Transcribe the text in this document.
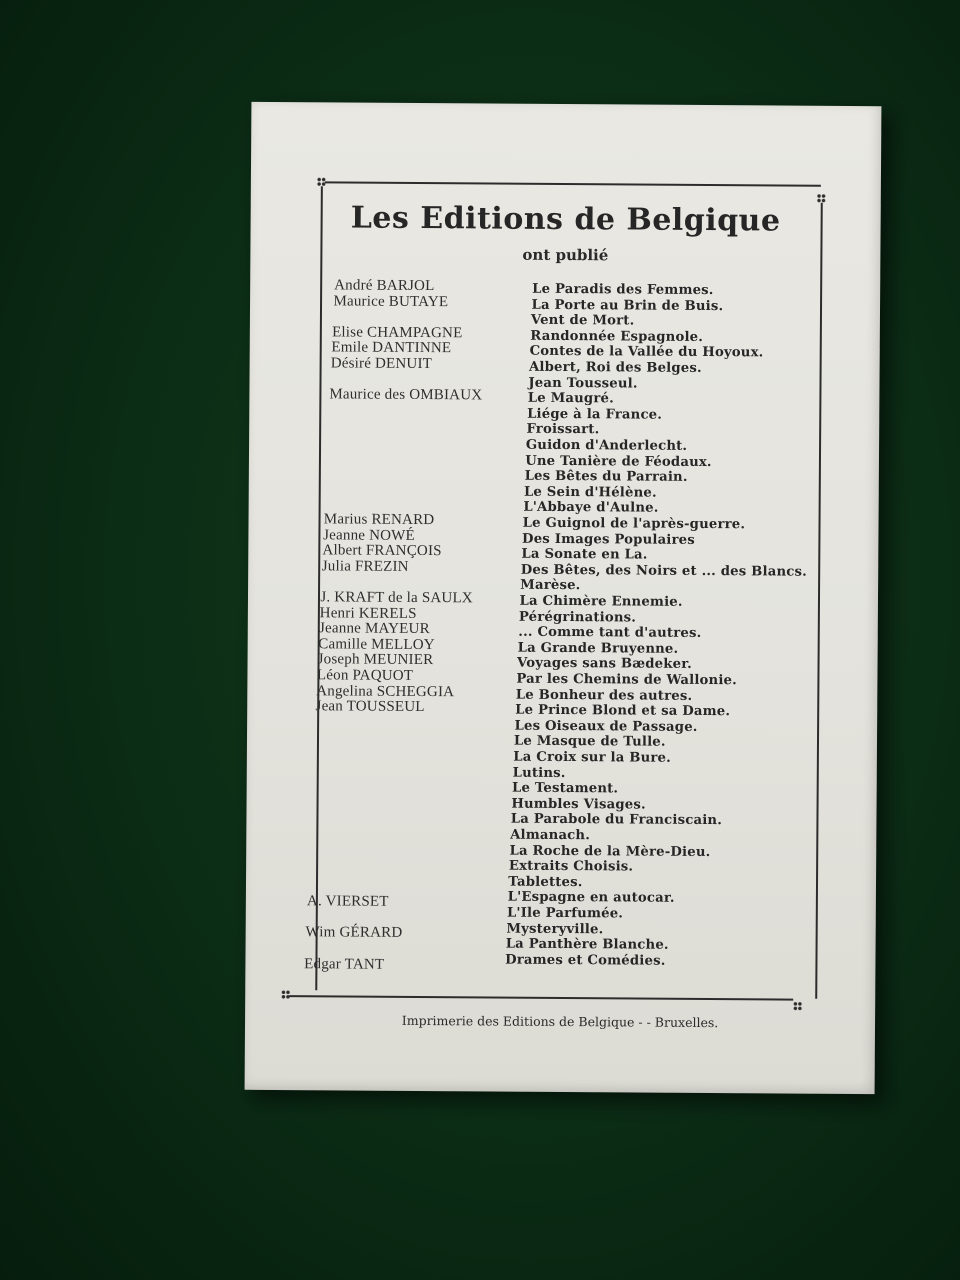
Les Editions de Belgique
ont publié
Le Paradis des Femmes.
La Porte au Brin de Buis.
Vent de Mort.
Randonnée Espagnole.
Contes de la Vallée du Hoyoux.
Albert, Roi des Belges.
Jean Tousseul.
Le Maugré.
Liége à la France.
Froissart.
Guidon d'Anderlecht.
Une Tanière de Féodaux.
Les Bêtes du Parrain.
Le Sein d'Hélène.
L'Abbaye d'Aulne.
Le Guignol de l'après-guerre.
Des Images Populaires
La Sonate en La.
Des Bêtes, des Noirs et ... des Blancs.
Marèse.
La Chimère Ennemie.
Pérégrinations.
... Comme tant d'autres.
La Grande Bruyenne.
Voyages sans Bædeker.
Par les Chemins de Wallonie.
Le Bonheur des autres.
Le Prince Blond et sa Dame.
Les Oiseaux de Passage.
Le Masque de Tulle.
La Croix sur la Bure.
Lutins.
Le Testament.
Humbles Visages.
La Parabole du Franciscain.
Almanach.
La Roche de la Mère-Dieu.
Extraits Choisis.
Tablettes.
L'Espagne en autocar.
L'Ile Parfumée.
Mysteryville.
La Panthère Blanche.
Drames et Comédies.
André BARJOL
Maurice BUTAYE
Elise CHAMPAGNE
Emile DANTINNE
Désiré DENUIT
Maurice des OMBIAUX
Marius RENARD
Jeanne NOWÉ
Albert FRANÇOIS
Julia FREZIN
J. KRAFT de la SAULX
Henri KERELS
Jeanne MAYEUR
Camille MELLOY
Joseph MEUNIER
Léon PAQUOT
Angelina SCHEGGIA
Jean TOUSSEUL
A. VIERSET
Wim GÉRARD
Edgar TANT
Imprimerie des Editions de Belgique - - Bruxelles.
